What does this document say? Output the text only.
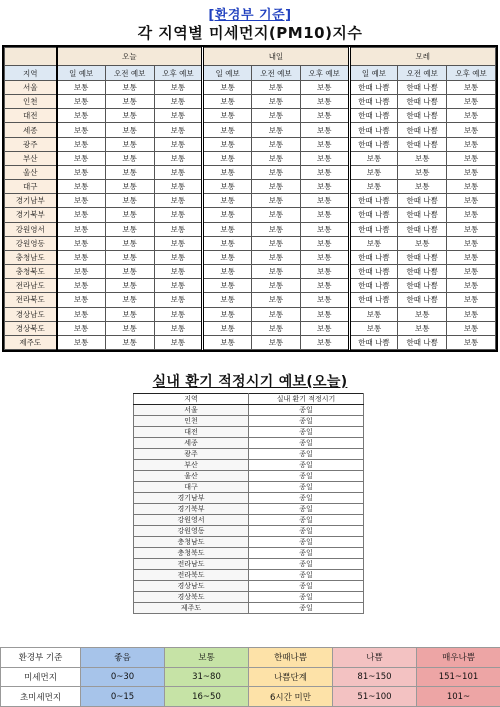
[환경부 기준]
각 지역별 미세먼지(PM10)지수
	오늘			내일			모레		
지역	일 예보	오전 예보	오후 예보	일 예보	오전 예보	오후 예보	일 예보	오전 예보	오후 예보
서울	보통	보통	보통	보통	보통	보통	한때 나쁨	한때 나쁨	보통
인천	보통	보통	보통	보통	보통	보통	한때 나쁨	한때 나쁨	보통
대전	보통	보통	보통	보통	보통	보통	한때 나쁨	한때 나쁨	보통
세종	보통	보통	보통	보통	보통	보통	한때 나쁨	한때 나쁨	보통
광주	보통	보통	보통	보통	보통	보통	한때 나쁨	한때 나쁨	보통
부산	보통	보통	보통	보통	보통	보통	보통	보통	보통
울산	보통	보통	보통	보통	보통	보통	보통	보통	보통
대구	보통	보통	보통	보통	보통	보통	보통	보통	보통
경기남부	보통	보통	보통	보통	보통	보통	한때 나쁨	한때 나쁨	보통
경기북부	보통	보통	보통	보통	보통	보통	한때 나쁨	한때 나쁨	보통
강원영서	보통	보통	보통	보통	보통	보통	한때 나쁨	한때 나쁨	보통
강원영동	보통	보통	보통	보통	보통	보통	보통	보통	보통
충청남도	보통	보통	보통	보통	보통	보통	한때 나쁨	한때 나쁨	보통
충청북도	보통	보통	보통	보통	보통	보통	한때 나쁨	한때 나쁨	보통
전라남도	보통	보통	보통	보통	보통	보통	한때 나쁨	한때 나쁨	보통
전라북도	보통	보통	보통	보통	보통	보통	한때 나쁨	한때 나쁨	보통
경상남도	보통	보통	보통	보통	보통	보통	보통	보통	보통
경상북도	보통	보통	보통	보통	보통	보통	보통	보통	보통
제주도	보통	보통	보통	보통	보통	보통	한때 나쁨	한때 나쁨	보통
실내 환기 적정시기 예보(오늘)
지역	실내 환기 적정시기
서울	종일
인천	종일
대전	종일
세종	종일
광주	종일
부산	종일
울산	종일
대구	종일
경기남부	종일
경기북부	종일
강원영서	종일
강원영동	종일
충청남도	종일
충청북도	종일
전라남도	종일
전라북도	종일
경상남도	종일
경상북도	종일
제주도	종일
환경부 기준	좋음	보통	한때나쁨	나쁨	매우나쁨
미세먼지	0~30	31~80	나쁨단계	81~150	151~101
초미세먼지	0~15	16~50	6시간 미만	51~100	101~
